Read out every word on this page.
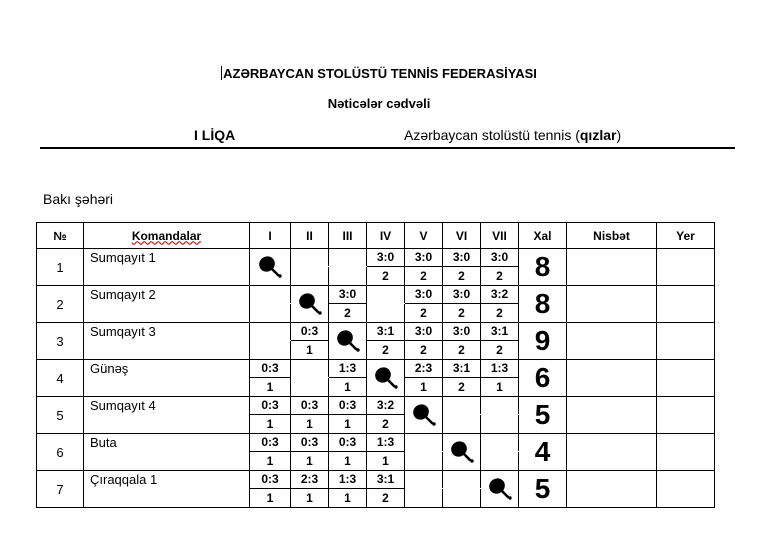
AZƏRBAYCAN STOLÜSTÜ TENNİS FEDERASİYASI
Nəticələr cədvəli
I LİQA	Azərbaycan stolüstü tennis (qızlar)
Bakı şəhəri
№	Komandalar	I	II	III	IV	V	VI	VII	Xal	Nisbət	Yer
1	Sumqayıt 1				3:0	3:0	3:0	3:0	8		
					2	2	2	2			
2	Sumqayıt 2			3:0		3:0	3:0	3:2	8		
				2		2	2	2			
3	Sumqayıt 3		0:3		3:1	3:0	3:0	3:1	9		
			1		2	2	2	2			
4	Günəş	0:3		1:3		2:3	3:1	1:3	6		
		1		1		1	2	1			
5	Sumqayıt 4	0:3	0:3	0:3	3:2				5		
		1	1	1	2						
6	Buta	0:3	0:3	0:3	1:3				4		
		1	1	1	1						
7	Çıraqqala 1	0:3	2:3	1:3	3:1				5		
		1	1	1	2						
